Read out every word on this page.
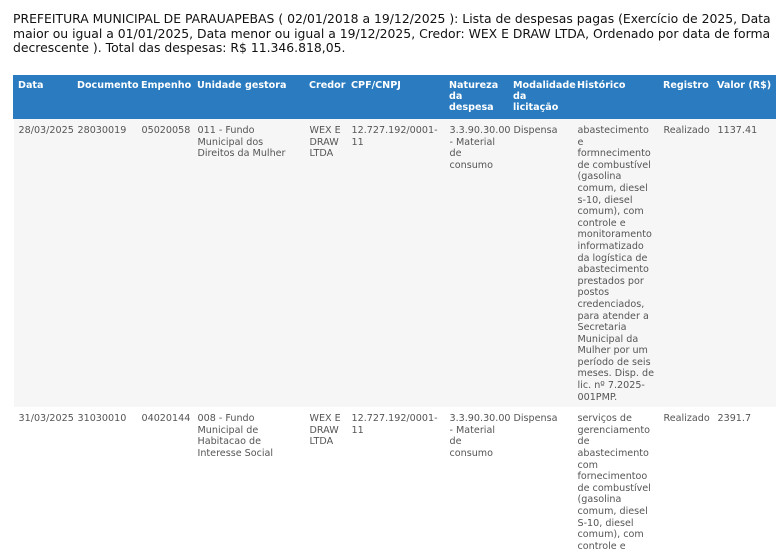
PREFEITURA MUNICIPAL DE PARAUAPEBAS ( 02/01/2018 a 19/12/2025 ): Lista de despesas pagas (Exercício de 2025, Data maior ou igual a 01/01/2025, Data menor ou igual a 19/12/2025, Credor: WEX E DRAW LTDA, Ordenado por data de forma decrescente ). Total das despesas: R$ 11.346.818,05.
Data	Documento	Empenho	Unidade gestora	Credor	CPF/CNPJ	Natureza da despesa	Modalidade da licitação	Histórico	Registro	Valor (R$)
28/03/2025	28030019	05020058	011 - Fundo Municipal dos Direitos da Mulher	WEX E DRAW LTDA	12.727.192/0001-11	3.3.90.30.00 - Material de consumo	Dispensa	abastecimento e formnecimento de combustível (gasolina comum, diesel s-10, diesel comum), com controle e monitoramento informatizado da logística de abastecimento prestados por postos credenciados, para atender a Secretaria Municipal da Mulher por um período de seis meses. Disp. de lic. nº 7.2025-001PMP.	Realizado	1137.41
31/03/2025	31030010	04020144	008 - Fundo Municipal de Habitacao de Interesse Social	WEX E DRAW LTDA	12.727.192/0001-11	3.3.90.30.00 - Material de consumo	Dispensa	serviços de gerenciamento de abastecimento com fornecimentoo de combustível (gasolina comum, diesel S-10, diesel comum), com controle e	Realizado	2391.7
